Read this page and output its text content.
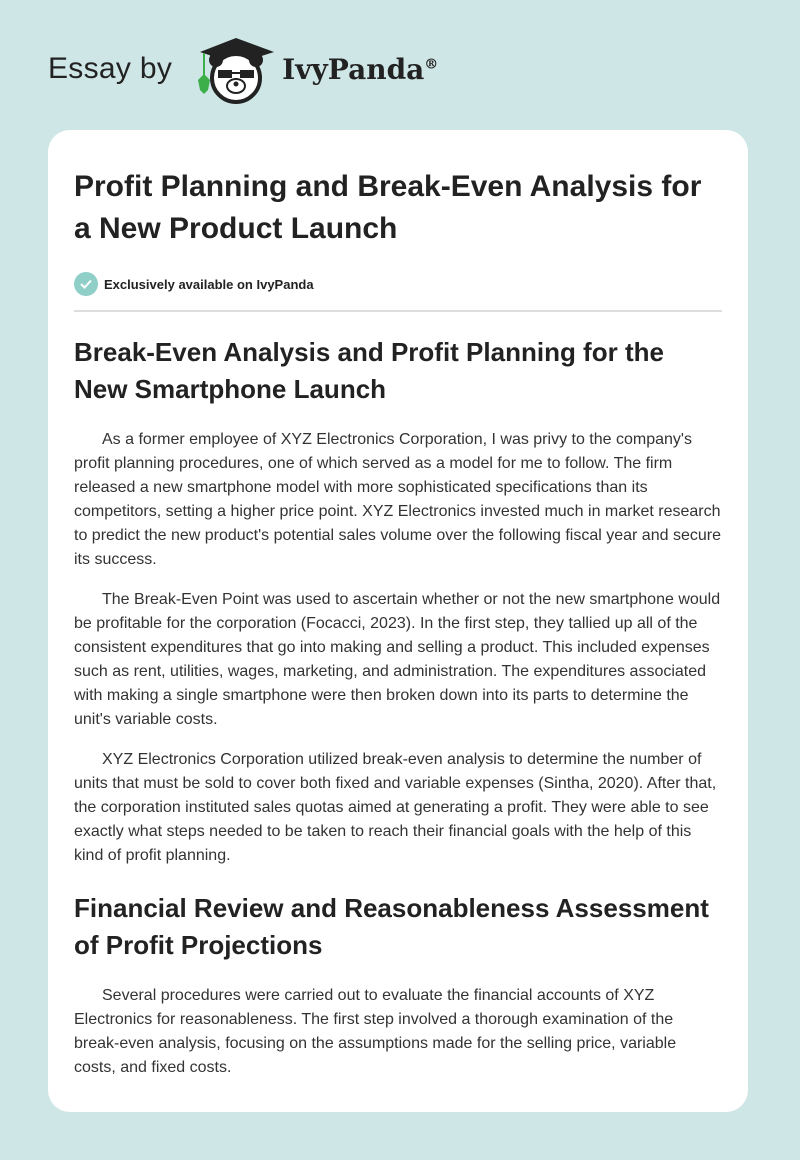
Essay by	IvyPanda®
Profit Planning and Break-Even Analysis for a New Product Launch
Exclusively available on IvyPanda
Break-Even Analysis and Profit Planning for the New Smartphone Launch

As a former employee of XYZ Electronics Corporation, I was privy to the company's profit planning procedures, one of which served as a model for me to follow. The firm released a new smartphone model with more sophisticated specifications than its competitors, setting a higher price point. XYZ Electronics invested much in market research to predict the new product's potential sales volume over the following fiscal year and secure its success.

The Break-Even Point was used to ascertain whether or not the new smartphone would be profitable for the corporation (Focacci, 2023). In the first step, they tallied up all of the consistent expenditures that go into making and selling a product. This included expenses such as rent, utilities, wages, marketing, and administration. The expenditures associated with making a single smartphone were then broken down into its parts to determine the unit's variable costs.

XYZ Electronics Corporation utilized break-even analysis to determine the number of units that must be sold to cover both fixed and variable expenses (Sintha, 2020). After that, the corporation instituted sales quotas aimed at generating a profit. They were able to see exactly what steps needed to be taken to reach their financial goals with the help of this kind of profit planning.

Financial Review and Reasonableness Assessment of Profit Projections

Several procedures were carried out to evaluate the financial accounts of XYZ Electronics for reasonableness. The first step involved a thorough examination of the break-even analysis, focusing on the assumptions made for the selling price, variable costs, and fixed costs.
